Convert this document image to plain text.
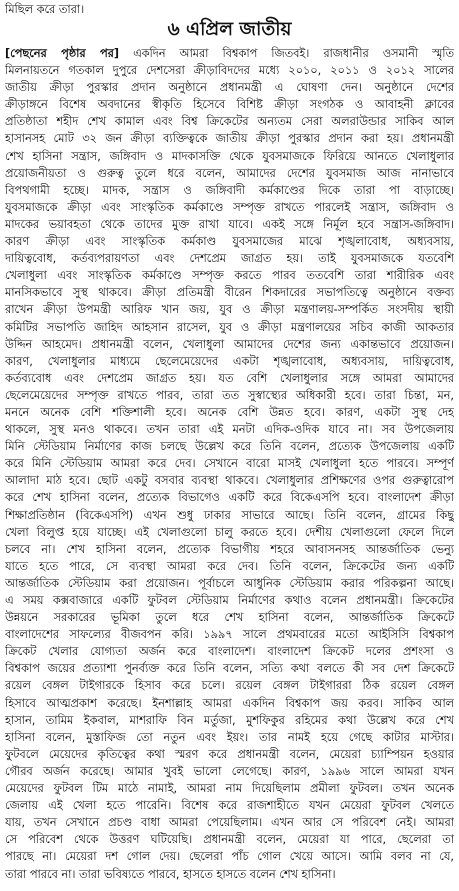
মিছিল করে তারা।
৬ এপ্রিল জাতীয়
[পেছনের পৃষ্ঠার পর] একদিন আমরা বিশ্বকাপ জিতবই। রাজধানীর ওসমানী স্মৃতি
মিলনায়তনে গতকাল দুপুরে দেশসেরা ক্রীড়াবিদদের মধ্যে ২০১০, ২০১১ ও ২০১২ সালের
জাতীয় ক্রীড়া পুরস্কার প্রদান অনুষ্ঠানে প্রধানমন্ত্রী এ ঘোষণা দেন। অনুষ্ঠানে দেশের
ক্রীড়াঙ্গনে বিশেষ অবদানের স্বীকৃতি হিসেবে বিশিষ্ট ক্রীড়া সংগঠক ও আবাহনী ক্লাবের
প্রতিষ্ঠাতা শহীদ শেখ কামাল এবং বিশ্ব ক্রিকেটের অন্যতম সেরা অলরাউন্ডার সাকিব আল
হাসানসহ মোট ৩২ জন ক্রীড়া ব্যক্তিত্বকে জাতীয় ক্রীড়া পুরস্কার প্রদান করা হয়। প্রধানমন্ত্রী
শেখ হাসিনা সন্ত্রাস, জঙ্গিবাদ ও মাদকাসক্তি থেকে যুবসমাজকে ফিরিয়ে আনতে খেলাধুলার
প্রয়োজনীয়তা ও গুরুত্ব তুলে ধরে বলেন, আমাদের দেশের যুবসমাজ আজ নানাভাবে
বিপথগামী হচ্ছে। মাদক, সন্ত্রাস ও জঙ্গিবাদী কর্মকাণ্ডের দিকে তারা পা বাড়াচ্ছে।
যুবসমাজকে ক্রীড়া এবং সাংস্কৃতিক কর্মকাণ্ডে সম্পৃক্ত রাখতে পারলেই সন্ত্রাস, জঙ্গিবাদ ও
মাদকের ভয়াবহতা থেকে তাদের মুক্ত রাখা যাবে। একই সঙ্গে নির্মূল হবে সন্ত্রাস-জঙ্গিবাদ।
কারণ ক্রীড়া এবং সাংস্কৃতিক কর্মকাণ্ড যুবসমাজের মাঝে শৃঙ্খলাবোধ, অধ্যবসায়,
দায়িত্ববোধ, কর্তব্যপরায়ণতা এবং দেশপ্রেম জাগ্রত হয়। তাই যুবসমাজকে যতবেশি
খেলাধুলা এবং সাংস্কৃতিক কর্মকাণ্ডে সম্পৃক্ত করতে পারব ততবেশি তারা শারীরিক এবং
মানসিকভাবে সুস্থ থাকবে। ক্রীড়া প্রতিমন্ত্রী বীরেন শিকদারের সভাপতিত্বে অনুষ্ঠানে বক্তব্য
রাখেন ক্রীড়া উপমন্ত্রী আরিফ খান জয়, যুব ও ক্রীড়া মন্ত্রণালয়-সম্পর্কিত সংসদীয় স্থায়ী
কমিটির সভাপতি জাহিদ আহসান রাসেল, যুব ও ক্রীড়া মন্ত্রণালয়ের সচিব কাজী আকতার
উদ্দিন আহমেদ। প্রধানমন্ত্রী বলেন, খেলাধুলা আমাদের দেশের জন্য একান্তভাবে প্রয়োজন।
কারণ, খেলাধুলার মাধ্যমে ছেলেমেয়েদের একটা শৃঙ্খলাবোধ, অধ্যবসায়, দায়িত্ববোধ,
কর্তব্যবোধ এবং দেশপ্রেম জাগ্রত হয়। যত বেশি খেলাধুলার সঙ্গে আমরা আমাদের
ছেলেমেয়েদের সম্পৃক্ত রাখতে পারব, তারা তত সুস্বাস্থ্যের অধিকারী হবে। তারা চিন্তা, মন,
মননে অনেক বেশি শক্তিশালী হবে। অনেক বেশি উন্নত হবে। কারণ, একটা সুস্থ দেহ
থাকলে, সুস্থ মনও থাকবে। তখন তারা এই মনটা এদিক-ওদিক যাবে না। সব উপজেলায়
মিনি স্টেডিয়াম নির্মাণের কাজ চলছে উল্লেখ করে তিনি বলেন, প্রত্যেক উপজেলায় একটি
করে মিনি স্টেডিয়াম আমরা করে দেব। সেখানে বারো মাসই খেলাধুলা হতে পারবে। সম্পূর্ণ
আলাদা মাঠ হবে। ছোট একটু বসবার ব্যবস্থা থাকবে। খেলাধুলার প্রশিক্ষণের ওপর গুরুত্বারোপ
করে শেখ হাসিনা বলেন, প্রত্যেক বিভাগেও একটি করে বিকেএসপি হবে। বাংলাদেশ ক্রীড়া
শিক্ষাপ্রতিষ্ঠান (বিকেএসপি) এখন শুধু ঢাকার সাভারে আছে। তিনি বলেন, গ্রামের কিছু
খেলা বিলুপ্ত হয়ে যাচ্ছে। এই খেলাগুলো চালু করতে হবে। দেশীয় খেলাগুলো ফেলে দিলে
চলবে না। শেখ হাসিনা বলেন, প্রত্যেক বিভাগীয় শহরে আবাসনসহ আন্তর্জাতিক ভেন্যু
যাতে হতে পারে, সে ব্যবস্থা আমরা করে দেব। তিনি বলেন, ক্রিকেটের জন্য একটি
আন্তর্জাতিক স্টেডিয়াম করা প্রয়োজন। পূর্বাচলে আধুনিক স্টেডিয়াম করার পরিকল্পনা আছে।
এ সময় কক্সবাজারে একটি ফুটবল স্টেডিয়াম নির্মাণের কথাও বলেন প্রধানমন্ত্রী। ক্রিকেটের
উন্নয়নে সরকারের ভূমিকা তুলে ধরে শেখ হাসিনা বলেন, আন্তর্জাতিক ক্রিকেটে
বাংলাদেশের সাফল্যের বীজবপন করি। ১৯৯৭ সালে প্রথমবারের মতো আইসিসি বিশ্বকাপ
ক্রিকেট খেলার যোগ্যতা অর্জন করে বাংলাদেশ। বাংলাদেশ ক্রিকেট দলের প্রশংসা ও
বিশ্বকাপ জয়ের প্রত্যাশা পুনর্ব্যক্ত করে তিনি বলেন, সত্যি কথা বলতে কী সব দেশ ক্রিকেটে
রয়েল বেঙ্গল টাইগারকে হিসাব করে চলে। রয়েল বেঙ্গল টাইগাররা ঠিক রয়েল বেঙ্গল
হিসাবে আত্মপ্রকাশ করেছে। ইনশাল্লাহ আমরা একদিন বিশ্বকাপ জয় করব। সাকিব আল
হাসান, তামিম ইকবাল, মাশরাফি বিন মর্তুজা, মুশফিকুর রহিমের কথা উল্লেখ করে শেখ
হাসিনা বলেন, মুস্তাফিজ তো নতুন এবং ইয়ং। তার নামই হয়ে গেছে কাটার মাস্টার।
ফুটবলে মেয়েদের কৃতিত্বের কথা স্মরণ করে প্রধানমন্ত্রী বলেন, মেয়েরা চ্যাম্পিয়ন হওয়ার
গৌরব অর্জন করেছে। আমার খুবই ভালো লেগেছে। কারণ, ১৯৯৬ সালে আমরা যখন
মেয়েদের ফুটবল টিম মাঠে নামাই, আমরা নাম দিয়েছিলাম প্রমীলা ফুটবল। তখন অনেক
জেলায় এই খেলা হতে পারেনি। বিশেষ করে রাজশাহীতে যখন মেয়েরা ফুটবল খেলতে
যায়, তখন সেখানে প্রচণ্ড বাধা আমরা পেয়েছিলাম। এখন আর সে পরিবেশ নেই। আমরা
সে পরিবেশ থেকে উত্তরণ ঘটিয়েছি। প্রধানমন্ত্রী বলেন, মেয়েরা যা পারে, ছেলেরা তা
পারছে না। মেয়েরা দশ গোল দেয়। ছেলেরা পাঁচ গোল খেয়ে আসে। আমি বলব না যে,
তারা পারবে না। তারা ভবিষ্যতে পারবে, হাসতে হাসতে বলেন শেখ হাসিনা।
